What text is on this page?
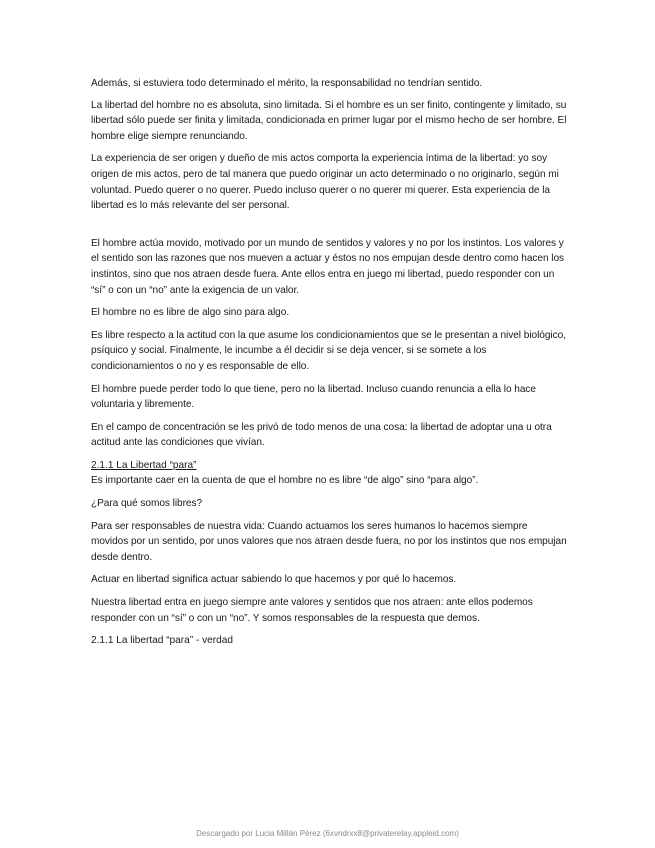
Además, si estuviera todo determinado el mérito, la responsabilidad no tendrían sentido.

La libertad del hombre no es absoluta, sino limitada. Si el hombre es un ser finito, contingente y limitado, su libertad sólo puede ser finita y limitada, condicionada en primer lugar por el mismo hecho de ser hombre. El hombre elige siempre renunciando.

La experiencia de ser origen y dueño de mis actos comporta la experiencia íntima de la libertad: yo soy origen de mis actos, pero de tal manera que puedo originar un acto determinado o no originarlo, según mi voluntad. Puedo querer o no querer. Puedo incluso querer o no querer mi querer. Esta experiencia de la libertad es lo más relevante del ser personal.

El hombre actúa movido, motivado por un mundo de sentidos y valores y no por los instintos. Los valores y el sentido son las razones que nos mueven a actuar y éstos no nos empujan desde dentro como hacen los instintos, sino que nos atraen desde fuera. Ante ellos entra en juego mi libertad, puedo responder con un “sí” o con un “no” ante la exigencia de un valor.

El hombre no es libre de algo sino para algo.

Es libre respecto a la actitud con la que asume los condicionamientos que se le presentan a nivel biológico, psíquico y social. Finalmente, le incumbe a él decidir si se deja vencer, si se somete a los condicionamientos o no y es responsable de ello.

El hombre puede perder todo lo que tiene, pero no la libertad. Incluso cuando renuncia a ella lo hace voluntaria y libremente.

En el campo de concentración se les privó de todo menos de una cosa: la libertad de adoptar una u otra actitud ante las condiciones que vivían.

2.1.1 La Libertad “para”

Es importante caer en la cuenta de que el hombre no es libre “de algo” sino “para algo”.

¿Para qué somos libres?

Para ser responsables de nuestra vida: Cuando actuamos los seres humanos lo hacemos siempre movidos por un sentido, por unos valores que nos atraen desde fuera, no por los instintos que nos empujan desde dentro.

Actuar en libertad significa actuar sabiendo lo que hacemos y por qué lo hacemos.

Nuestra libertad entra en juego siempre ante valores y sentidos que nos atraen: ante ellos podemos responder con un “sí” o con un “no”. Y somos responsables de la respuesta que demos.

2.1.1 La libertad “para” - verdad
Descargado por Lucia Millán Pérez (6xvndrxx8@privaterelay.appleid.com)
